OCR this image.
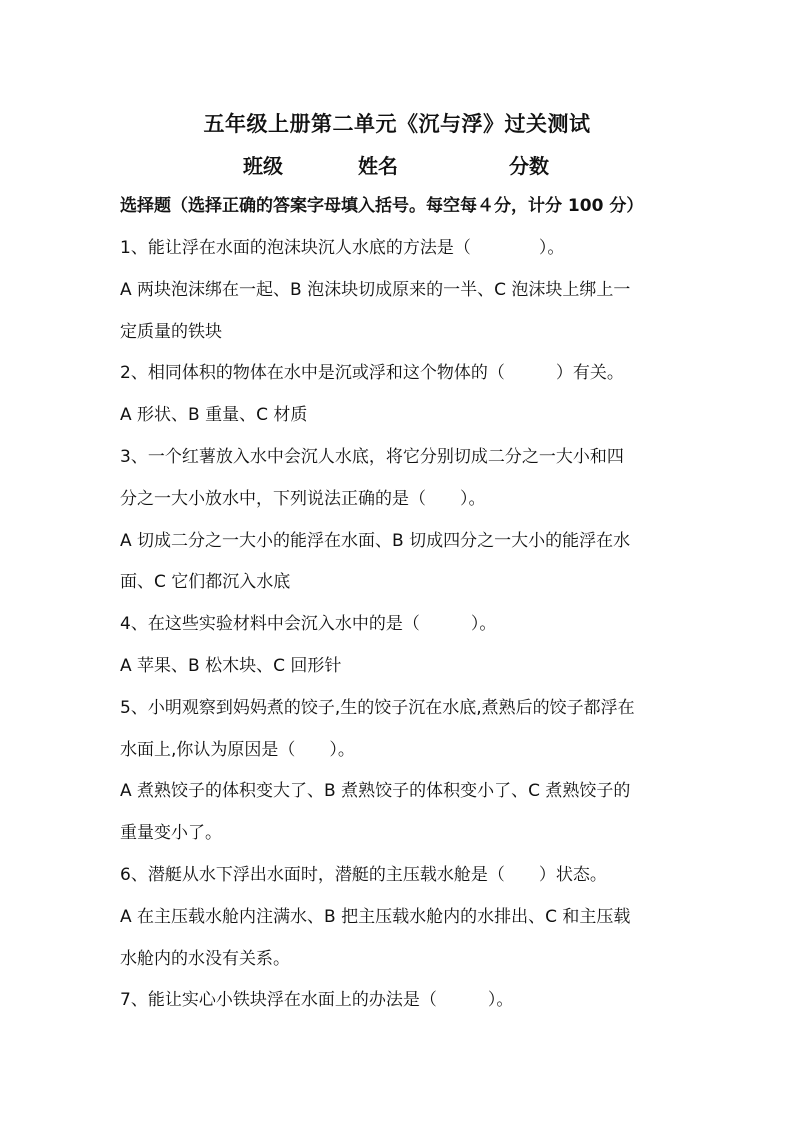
五年级上册第二单元《沉与浮》过关测试
班级	姓名	分数
选择题（选择正确的答案字母填入括号。每空每４分，计分 100 分）

1、能让浮在水面的泡沫块沉人水底的方法是（　　　　）。

A 两块泡沫绑在一起、B 泡沫块切成原来的一半、C 泡沫块上绑上一

定质量的铁块

2、相同体积的物体在水中是沉或浮和这个物体的（　　　）有关。

A 形状、B 重量、C 材质

3、一个红薯放入水中会沉人水底，将它分别切成二分之一大小和四

分之一大小放水中，下列说法正确的是（　　）。

A 切成二分之一大小的能浮在水面、B 切成四分之一大小的能浮在水

面、C 它们都沉入水底

4、在这些实验材料中会沉入水中的是（　　　）。

A 苹果、B 松木块、C 回形针

5、小明观察到妈妈煮的饺子,生的饺子沉在水底,煮熟后的饺子都浮在

水面上,你认为原因是（　　）。

A 煮熟饺子的体积变大了、B 煮熟饺子的体积变小了、C 煮熟饺子的

重量变小了。

6、潜艇从水下浮出水面时，潜艇的主压载水舱是（　　）状态。

A 在主压载水舱内注满水、B 把主压载水舱内的水排出、C 和主压载

水舱内的水没有关系。

7、能让实心小铁块浮在水面上的办法是（　　　）。
